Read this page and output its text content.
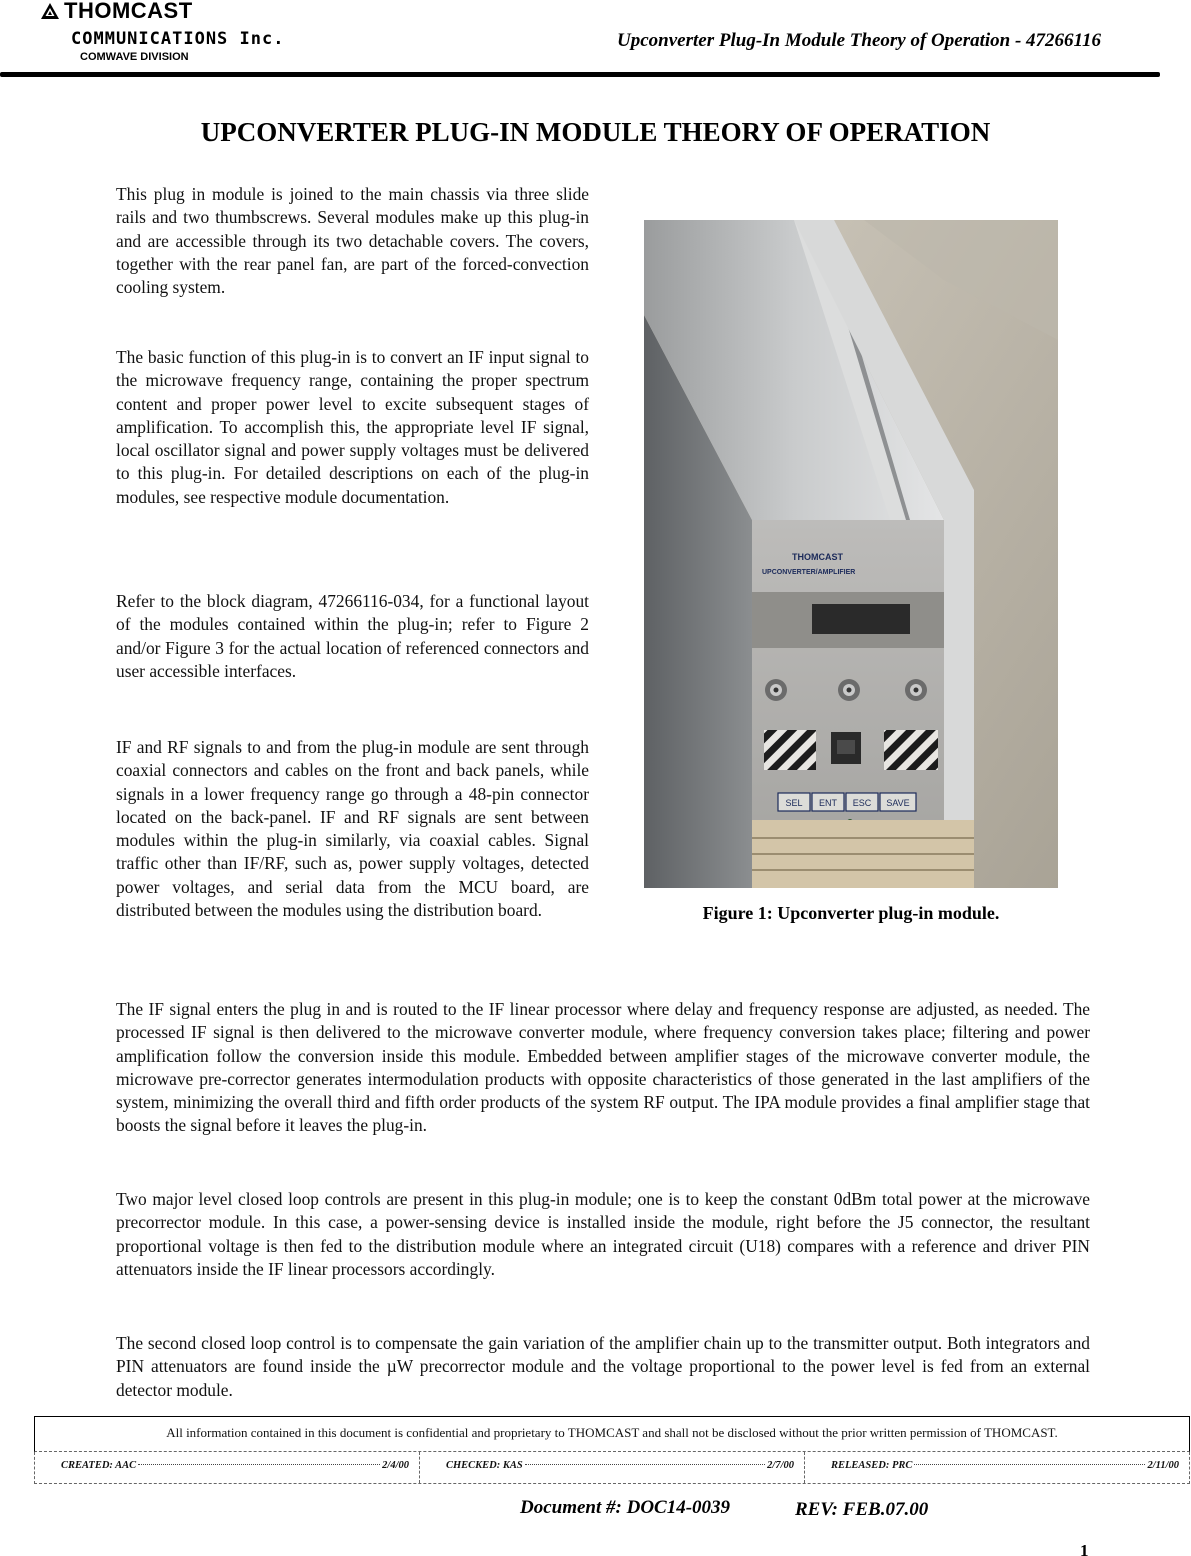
THOMCAST
COMMUNICATIONS Inc.
COMWAVE DIVISION
Upconverter Plug-In Module Theory of Operation - 47266116
UPCONVERTER PLUG-IN MODULE THEORY OF OPERATION

This plug in module is joined to the main chassis via three slide rails and two thumbscrews. Several modules make up this plug-in and are accessible through its two detachable covers. The covers, together with the rear panel fan, are part of the forced-convection cooling system.

The basic function of this plug-in is to convert an IF input signal to the microwave frequency range, containing the proper spectrum content and proper power level to excite subsequent stages of amplification. To accomplish this, the appropriate level IF signal, local oscillator signal and power supply voltages must be delivered to this plug-in. For detailed descriptions on each of the plug-in modules, see respective module documentation.

Refer to the block diagram, 47266116-034, for a functional layout of the modules contained within the plug-in; refer to Figure 2 and/or Figure 3 for the actual location of referenced connectors and user accessible interfaces.

IF and RF signals to and from the plug-in module are sent through coaxial connectors and cables on the front and back panels, while signals in a lower frequency range go through a 48-pin connector located on the back-panel. IF and RF signals are sent between modules within the plug-in similarly, via coaxial cables. Signal traffic other than IF/RF, such as, power supply voltages, detected power voltages, and serial data from the MCU board, are distributed between the modules using the distribution board.

THOMCAST
UPCONVERTER/AMPLIFIER
SEL ENT ESC SAVE
Figure 1: Upconverter plug-in module.

The IF signal enters the plug in and is routed to the IF linear processor where delay and frequency response are adjusted, as needed. The processed IF signal is then delivered to the microwave converter module, where frequency conversion takes place; filtering and power amplification follow the conversion inside this module. Embedded between amplifier stages of the microwave converter module, the microwave pre-corrector generates intermodulation products with opposite characteristics of those generated in the last amplifiers of the system, minimizing the overall third and fifth order products of the system RF output. The IPA module provides a final amplifier stage that boosts the signal before it leaves the plug-in.

Two major level closed loop controls are present in this plug-in module; one is to keep the constant 0dBm total power at the microwave precorrector module. In this case, a power-sensing device is installed inside the module, right before the J5 connector, the resultant proportional voltage is then fed to the distribution module where an integrated circuit (U18) compares with a reference and driver PIN attenuators inside the IF linear processors accordingly.

The second closed loop control is to compensate the gain variation of the amplifier chain up to the transmitter output. Both integrators and PIN attenuators are found inside the µW precorrector module and the voltage proportional to the power level is fed from an external detector module.

All information contained in this document is confidential and proprietary to THOMCAST and shall not be disclosed without the prior written permission of THOMCAST.
CREATED: AAC	2/4/00	CHECKED: KAS	2/7/00	RELEASED: PRC	2/11/00
Document #: DOC14-0039	REV: FEB.07.00
1
